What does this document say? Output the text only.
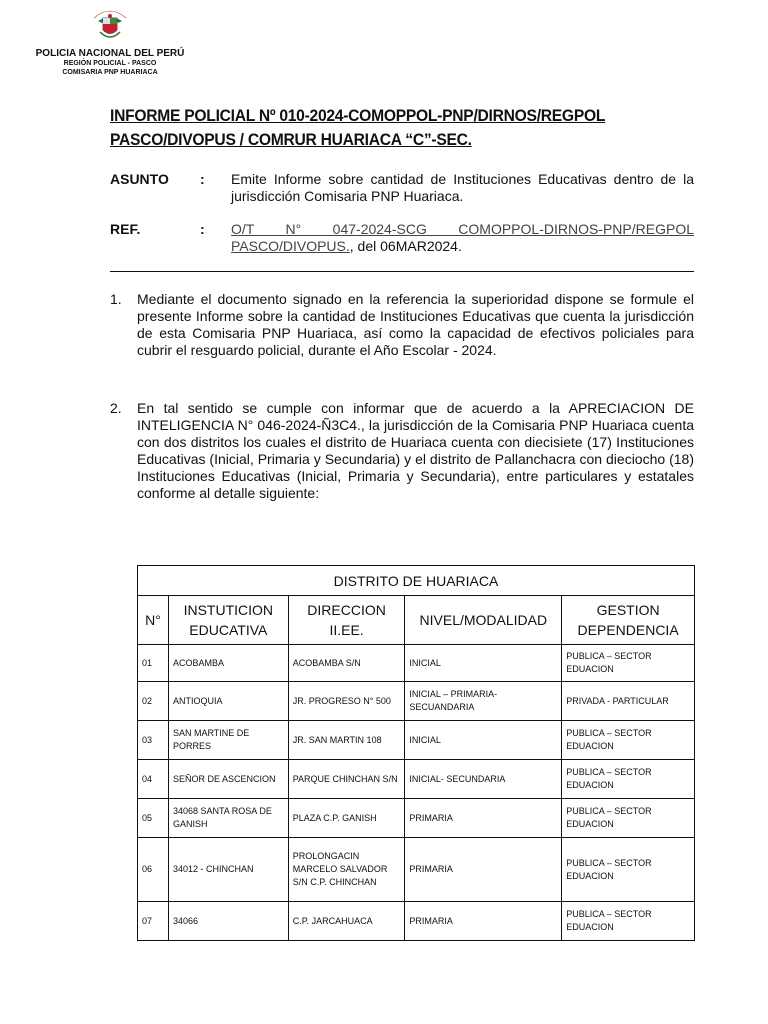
POLICIA NACIONAL DEL PERÚ
REGIÓN POLICIAL - PASCO
COMISARIA PNP HUARIACA
INFORME POLICIAL Nº 010-2024-COMOPPOL-PNP/DIRNOS/REGPOL
PASCO/DIVOPUS / COMRUR HUARIACA “C”-SEC.
ASUNTO : Emite Informe sobre cantidad de Instituciones Educativas dentro de la jurisdicción Comisaria PNP Huariaca.
REF.	: O/T N° 047-2024-SCG COMOPPOL-DIRNOS-PNP/REGPOL PASCO/DIVOPUS., del 06MAR2024.
1. Mediante el documento signado en la referencia la superioridad dispone se formule el presente Informe sobre la cantidad de Instituciones Educativas que cuenta la jurisdicción de esta Comisaria PNP Huariaca, así como la capacidad de efectivos policiales para cubrir el resguardo policial, durante el Año Escolar - 2024.
2. En tal sentido se cumple con informar que de acuerdo a la APRECIACION DE INTELIGENCIA N° 046-2024-Ñ3C4., la jurisdicción de la Comisaria PNP Huariaca cuenta con dos distritos los cuales el distrito de Huariaca cuenta con diecisiete (17) Instituciones Educativas (Inicial, Primaria y Secundaria) y el distrito de Pallanchacra con dieciocho (18) Instituciones Educativas (Inicial, Primaria y Secundaria), entre particulares y estatales conforme al detalle siguiente:
DISTRITO DE HUARIACA				
N°	INSTUTICION EDUCATIVA	DIRECCION II.EE.	NIVEL/MODALIDAD	GESTION DEPENDENCIA
01	ACOBAMBA	ACOBAMBA S/N	INICIAL	PUBLICA – SECTOR EDUACION
02	ANTIOQUIA	JR. PROGRESO N° 500	INICIAL – PRIMARIA-SECUANDARIA	PRIVADA - PARTICULAR
03	SAN MARTINE DE PORRES	JR. SAN MARTIN 108	INICIAL	PUBLICA – SECTOR EDUACION
04	SEÑOR DE ASCENCION	PARQUE CHINCHAN S/N	INICIAL- SECUNDARIA	PUBLICA – SECTOR EDUACION
05	34068 SANTA ROSA DE GANISH	PLAZA C.P. GANISH	PRIMARIA	PUBLICA – SECTOR EDUACION
06	34012 - CHINCHAN	PROLONGACIN MARCELO SALVADOR S/N C.P. CHINCHAN	PRIMARIA	PUBLICA – SECTOR EDUACION
07	34066	C.P. JARCAHUACA	PRIMARIA	PUBLICA – SECTOR EDUACION
